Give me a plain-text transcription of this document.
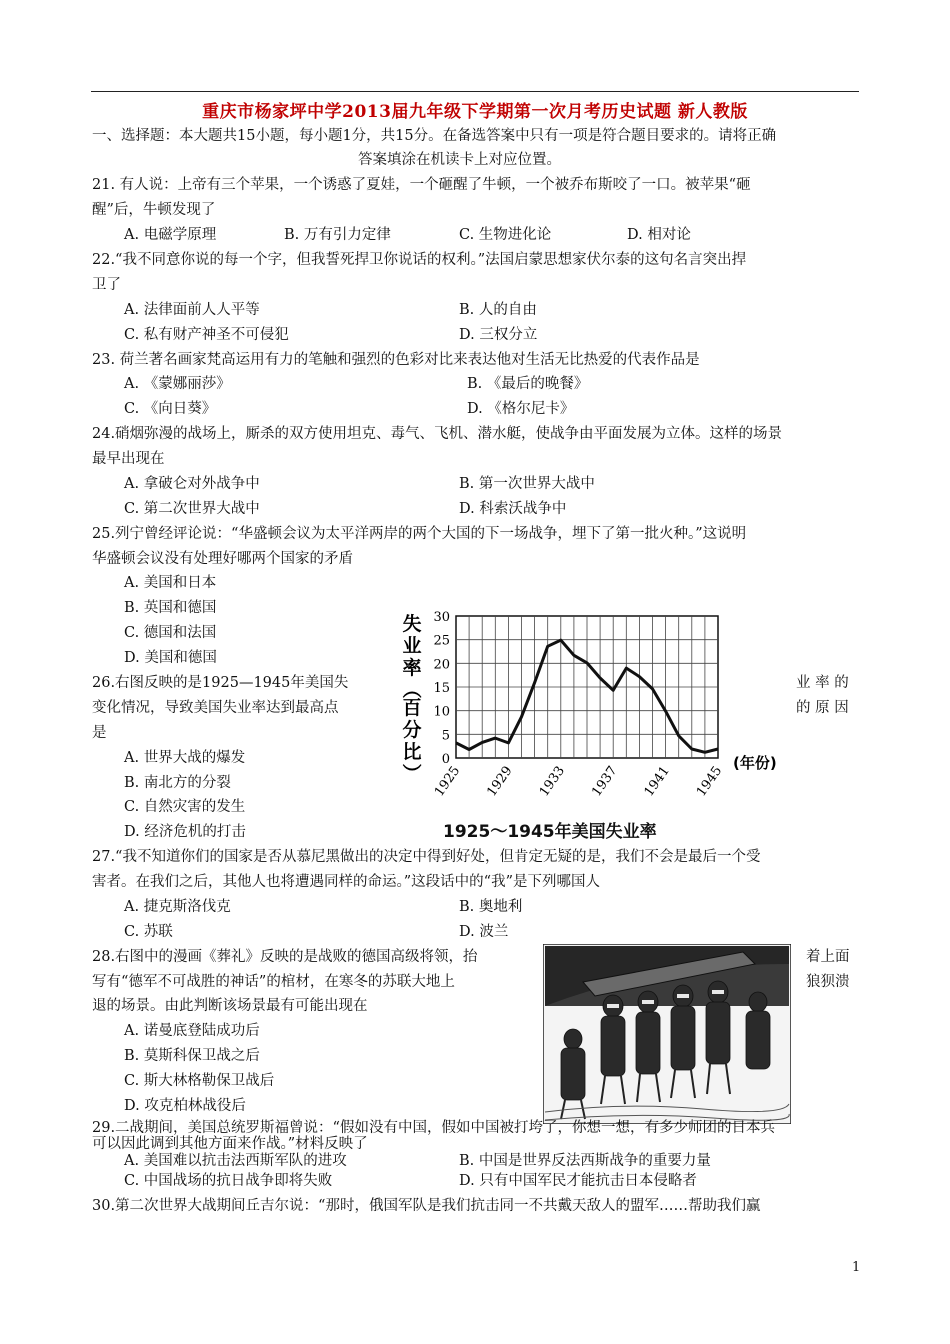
重庆市杨家坪中学2013届九年级下学期第一次月考历史试题 新人教版
一、选择题：本大题共15小题，每小题1分，共15分。在备选答案中只有一项是符合题目要求的。请将正确
答案填涂在机读卡上对应位置。
21. 有人说：上帝有三个苹果，一个诱惑了夏娃，一个砸醒了牛顿，一个被乔布斯咬了一口。被苹果“砸
醒”后，牛顿发现了
A. 电磁学原理	B. 万有引力定律	C. 生物进化论	D. 相对论
22.“我不同意你说的每一个字，但我誓死捍卫你说话的权利。”法国启蒙思想家伏尔泰的这句名言突出捍
卫了
A. 法律面前人人平等	B. 人的自由
C. 私有财产神圣不可侵犯	D. 三权分立
23. 荷兰著名画家梵高运用有力的笔触和强烈的色彩对比来表达他对生活无比热爱的代表作品是
A. 《蒙娜丽莎》	B. 《最后的晚餐》
C. 《向日葵》	D. 《格尔尼卡》
24.硝烟弥漫的战场上，厮杀的双方使用坦克、毒气、飞机、潜水艇，使战争由平面发展为立体。这样的场景
最早出现在
A. 拿破仑对外战争中	B. 第一次世界大战中
C. 第二次世界大战中	D. 科索沃战争中
25.列宁曾经评论说：“华盛顿会议为太平洋两岸的两个大国的下一场战争，埋下了第一批火种。”这说明
华盛顿会议没有处理好哪两个国家的矛盾
A. 美国和日本
B. 英国和德国
C. 德国和法国
D. 美国和德国
失
业
率
（
百
分
比
）
0
5
10
15
20
25
30
1925 1929 1933 1937 1941 1945
(年份)
1925～1945年美国失业率
26.右图反映的是1925—1945年美国失	业 率 的
变化情况，导致美国失业率达到最高点	的 原 因
是
A. 世界大战的爆发
B. 南北方的分裂
C. 自然灾害的发生
D. 经济危机的打击
27.“我不知道你们的国家是否从慕尼黑做出的决定中得到好处，但肯定无疑的是，我们不会是最后一个受
害者。在我们之后，其他人也将遭遇同样的命运。”这段话中的“我”是下列哪国人
A. 捷克斯洛伐克	B. 奥地利
C. 苏联	D. 波兰
28.右图中的漫画《葬礼》反映的是战败的德国高级将领，抬	着上面
写有“德军不可战胜的神话”的棺材，在寒冬的苏联大地上	狼狈溃
退的场景。由此判断该场景最有可能出现在
A. 诺曼底登陆成功后
B. 莫斯科保卫战之后
C. 斯大林格勒保卫战后
D. 攻克柏林战役后
29.二战期间，美国总统罗斯福曾说：“假如没有中国，假如中国被打垮了，你想一想，有多少师团的日本兵
可以因此调到其他方面来作战。”材料反映了
A. 美国难以抗击法西斯军队的进攻	B. 中国是世界反法西斯战争的重要力量
C. 中国战场的抗日战争即将失败	D. 只有中国军民才能抗击日本侵略者
30.第二次世界大战期间丘吉尔说：“那时，俄国军队是我们抗击同一不共戴天敌人的盟军……帮助我们赢
1
